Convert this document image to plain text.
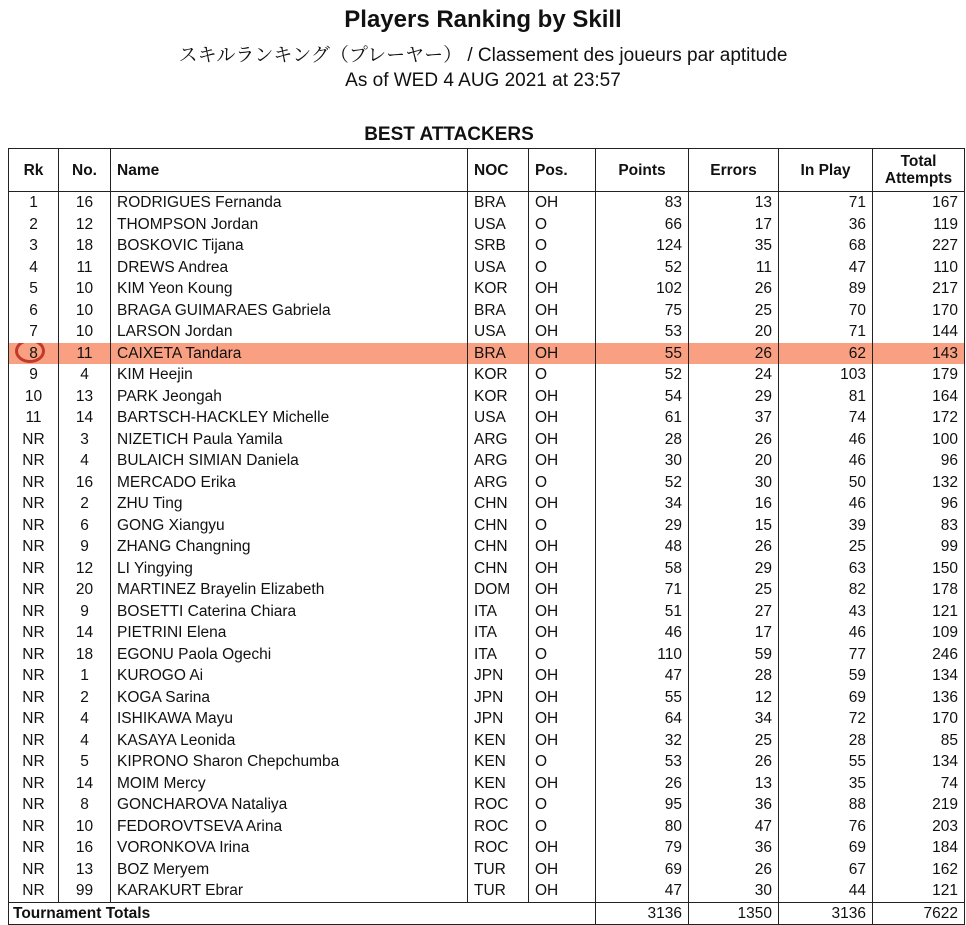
Players Ranking by Skill
スキルランキング（プレーヤー） / Classement des joueurs par aptitude
As of WED 4 AUG 2021 at 23:57
BEST ATTACKERS
Rk	No.	Name	NOC	Pos.	Points	Errors	In Play	Total
Attempts

1	16	RODRIGUES Fernanda	BRA	OH	83	13	71	167
2	12	THOMPSON Jordan	USA	O	66	17	36	119
3	18	BOSKOVIC Tijana	SRB	O	124	35	68	227
4	11	DREWS Andrea	USA	O	52	11	47	110
5	10	KIM Yeon Koung	KOR	OH	102	26	89	217
6	10	BRAGA GUIMARAES Gabriela	BRA	OH	75	25	70	170
7	10	LARSON Jordan	USA	OH	53	20	71	144
8	11	CAIXETA Tandara	BRA	OH	55	26	62	143
9	4	KIM Heejin	KOR	O	52	24	103	179
10	13	PARK Jeongah	KOR	OH	54	29	81	164
11	14	BARTSCH-HACKLEY Michelle	USA	OH	61	37	74	172
NR	3	NIZETICH Paula Yamila	ARG	OH	28	26	46	100
NR	4	BULAICH SIMIAN Daniela	ARG	OH	30	20	46	96
NR	16	MERCADO Erika	ARG	O	52	30	50	132
NR	2	ZHU Ting	CHN	OH	34	16	46	96
NR	6	GONG Xiangyu	CHN	O	29	15	39	83
NR	9	ZHANG Changning	CHN	OH	48	26	25	99
NR	12	LI Yingying	CHN	OH	58	29	63	150
NR	20	MARTINEZ Brayelin Elizabeth	DOM	OH	71	25	82	178
NR	9	BOSETTI Caterina Chiara	ITA	OH	51	27	43	121
NR	14	PIETRINI Elena	ITA	OH	46	17	46	109
NR	18	EGONU Paola Ogechi	ITA	O	110	59	77	246
NR	1	KUROGO Ai	JPN	OH	47	28	59	134
NR	2	KOGA Sarina	JPN	OH	55	12	69	136
NR	4	ISHIKAWA Mayu	JPN	OH	64	34	72	170
NR	4	KASAYA Leonida	KEN	OH	32	25	28	85
NR	5	KIPRONO Sharon Chepchumba	KEN	O	53	26	55	134
NR	14	MOIM Mercy	KEN	OH	26	13	35	74
NR	8	GONCHAROVA Nataliya	ROC	O	95	36	88	219
NR	10	FEDOROVTSEVA Arina	ROC	O	80	47	76	203
NR	16	VORONKOVA Irina	ROC	OH	79	36	69	184
NR	13	BOZ Meryem	TUR	OH	69	26	67	162
NR	99	KARAKURT Ebrar	TUR	OH	47	30	44	121
Tournament Totals					3136	1350	3136	7622
